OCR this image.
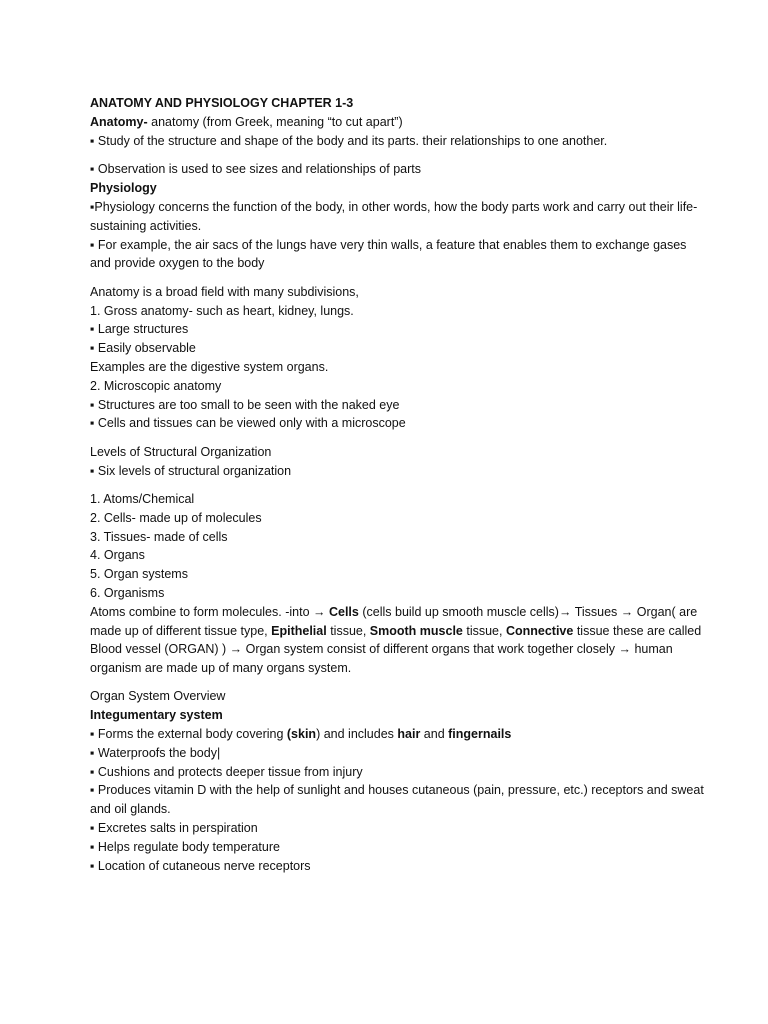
ANATOMY AND PHYSIOLOGY CHAPTER 1-3

Anatomy- anatomy (from Greek, meaning “to cut apart”)

▪ Study of the structure and shape of the body and its parts. their relationships to one another.

▪ Observation is used to see sizes and relationships of parts

Physiology

▪Physiology concerns the function of the body, in other words, how the body parts work and carry out their life-sustaining activities.

▪ For example, the air sacs of the lungs have very thin walls, a feature that enables them to exchange gases and provide oxygen to the body

Anatomy is a broad field with many subdivisions,

1. Gross anatomy- such as heart, kidney, lungs.

▪ Large structures

▪ Easily observable

Examples are the digestive system organs.

2. Microscopic anatomy

▪ Structures are too small to be seen with the naked eye

▪ Cells and tissues can be viewed only with a microscope

Levels of Structural Organization

▪ Six levels of structural organization

1. Atoms/Chemical

2. Cells- made up of molecules

3. Tissues- made of cells

4. Organs

5. Organ systems

6. Organisms

Atoms combine to form molecules. -into → Cells (cells build up smooth muscle cells)→ Tissues → Organ( are made up of different tissue type, Epithelial tissue, Smooth muscle tissue, Connective tissue these are called Blood vessel (ORGAN) ) → Organ system consist of different organs that work together closely → human organism are made up of many organs system.

Organ System Overview

Integumentary system

▪ Forms the external body covering (skin) and includes hair and fingernails

▪ Waterproofs the body|

▪ Cushions and protects deeper tissue from injury

▪ Produces vitamin D with the help of sunlight and houses cutaneous (pain, pressure, etc.) receptors and sweat and oil glands.

▪ Excretes salts in perspiration

▪ Helps regulate body temperature

▪ Location of cutaneous nerve receptors
